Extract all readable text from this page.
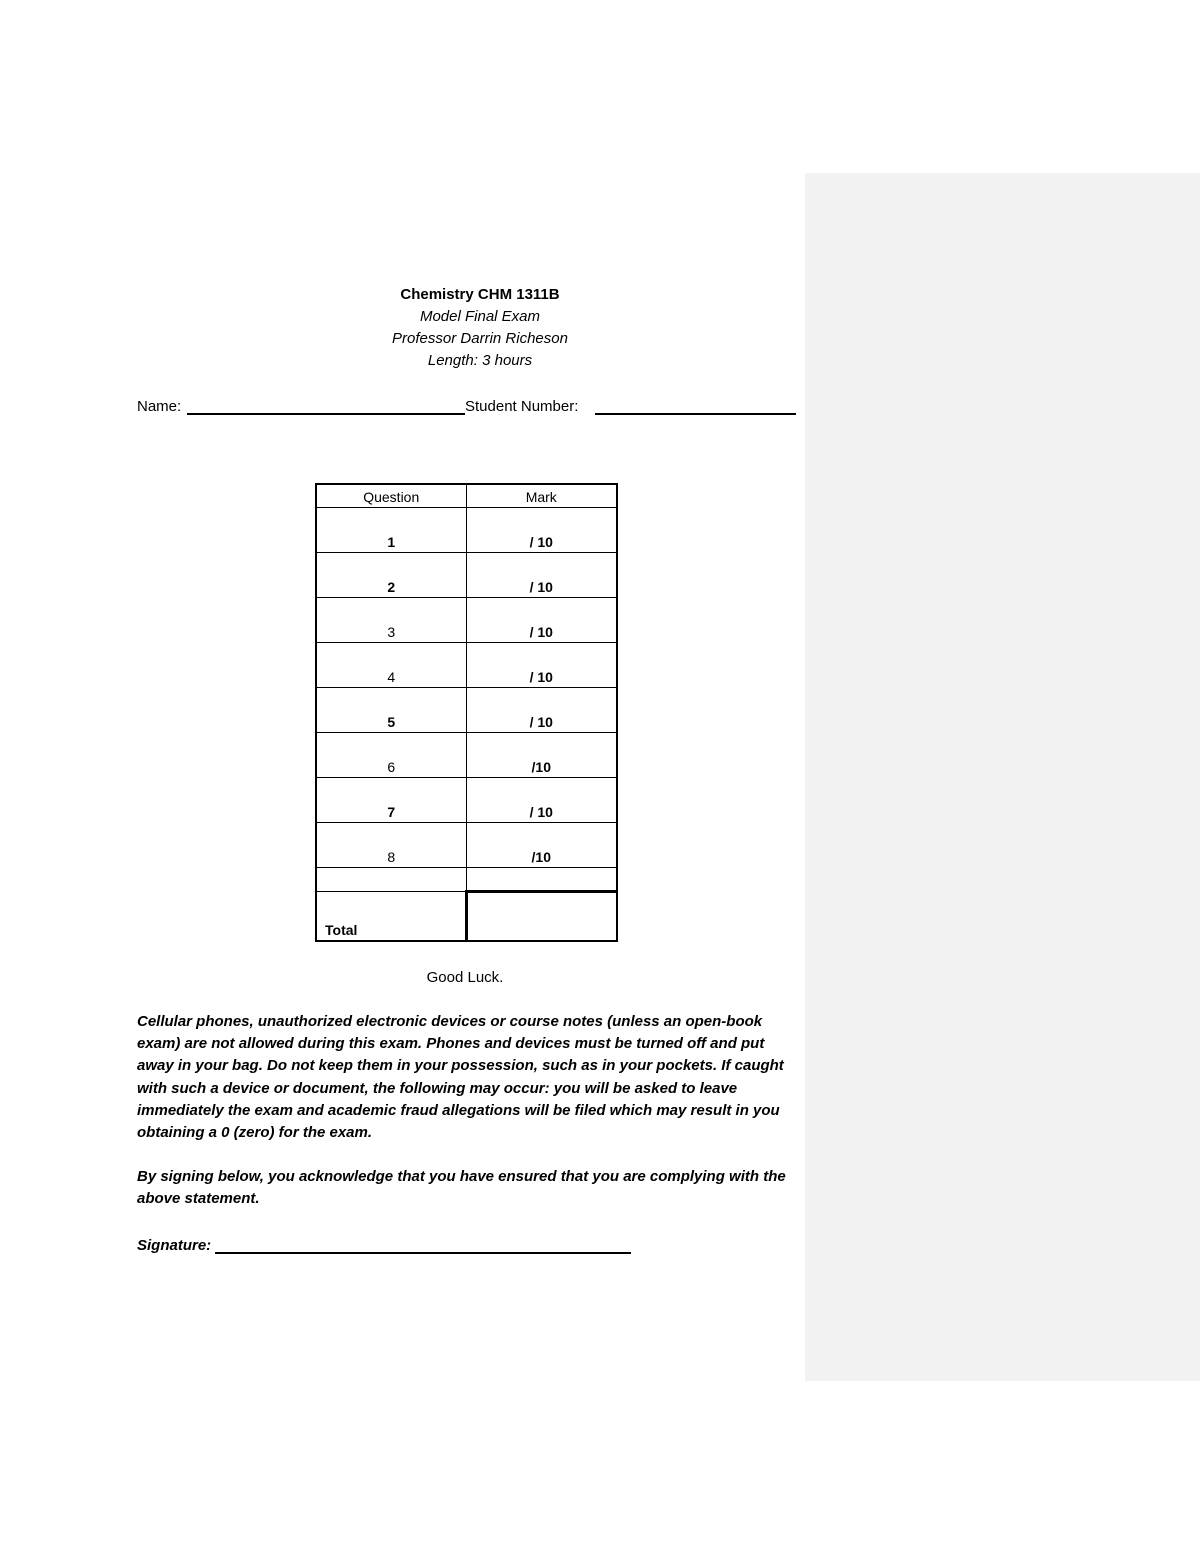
Chemistry CHM 1311B
Model Final Exam
Professor Darrin Richeson
Length: 3 hours
Name:	Student Number:
Question	Mark
1	/ 10
2	/ 10
3	/ 10
4	/ 10
5	/ 10
6	/10
7	/ 10
8	/10

Total	
Good Luck.

Cellular phones, unauthorized electronic devices or course notes (unless an open-book exam) are not allowed during this exam. Phones and devices must be turned off and put away in your bag. Do not keep them in your possession, such as in your pockets. If caught with such a device or document, the following may occur: you will be asked to leave immediately the exam and academic fraud allegations will be filed which may result in you obtaining a 0 (zero) for the exam.

By signing below, you acknowledge that you have ensured that you are complying with the above statement.

Signature:
